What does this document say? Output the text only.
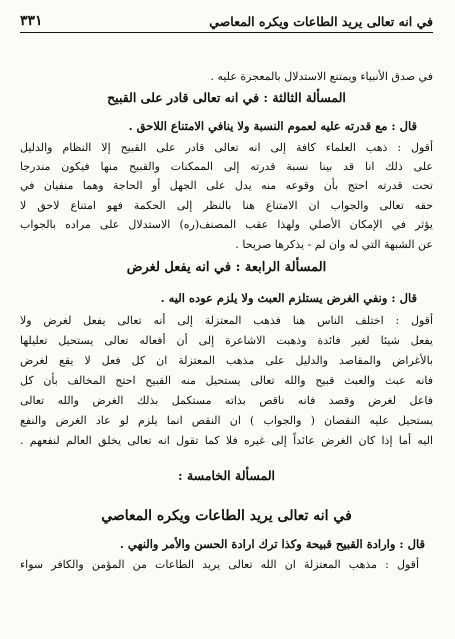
في انه تعالى يريد الطاعات ويكره المعاصي
٣٣١
في صدق الأنبياء ويمتنع الاستدلال بالمعجزة عليه .
المسألة الثالثة : في انه تعالى قادر على القبيح
قال : مع قدرته عليه لعموم النسبة ولا ينافي الامتناع اللاحق .
أقول : ذهب العلماء كافة إلى انه تعالى قادر على القبيح إلا النظام والدليل
على ذلك انا قد بينا نسبة قدرته إلى الممكنات والقبيح منها فيكون مندرجا
تحت قدرته احتج بأن وقوعه منه يدل على الجهل أو الحاجة وهما منفيان في
حقه تعالى والجواب ان الامتناع هنا بالنظر إلى الحكمة فهو امتناع لاحق لا
يؤثر في الإمكان الأصلي ولهذا عقب المصنف(ره) الاستدلال على مراده بالجواب
عن الشبهة التي له وان لم - يذكرها صريحا .
المسألة الرابعة : في انه يفعل لغرض
قال : ونفي الغرض يستلزم العبث ولا يلزم عوده اليه .
أقول : اختلف الناس هنا فذهب المعتزلة إلى أنه تعالى يفعل لغرض ولا
يفعل شيئا لغير فائدة وذهبت الاشاعرة إلى أن أفعاله تعالى يستحيل تعليلها
بالأغراض والمقاصد والدليل على مذهب المعتزلة ان كل فعل لا يقع لغرض
فانه عبث والعبث قبيح والله تعالى يستحيل منه القبيح احتج المخالف بأن كل
فاعل لغرض وقصد فانه ناقص بذاته مستكمل بذلك الغرض والله تعالى
يستحيل عليه النقصان ( والجواب ) ان النقص انما يلزم لو عاد الغرض والنفع
اليه أما إذا كان الغرض عائداً إلى غيره فلا كما تقول انه تعالى يخلق العالم لنفعهم .
المسألة الخامسة :
في انه تعالى يريد الطاعات ويكره المعاصي
قال : وارادة القبيح قبيحة وكذا ترك ارادة الحسن والأمر والنهي .
أقول : مذهب المعتزلة ان الله تعالى يريد الطاعات من المؤمن والكافر سواء
